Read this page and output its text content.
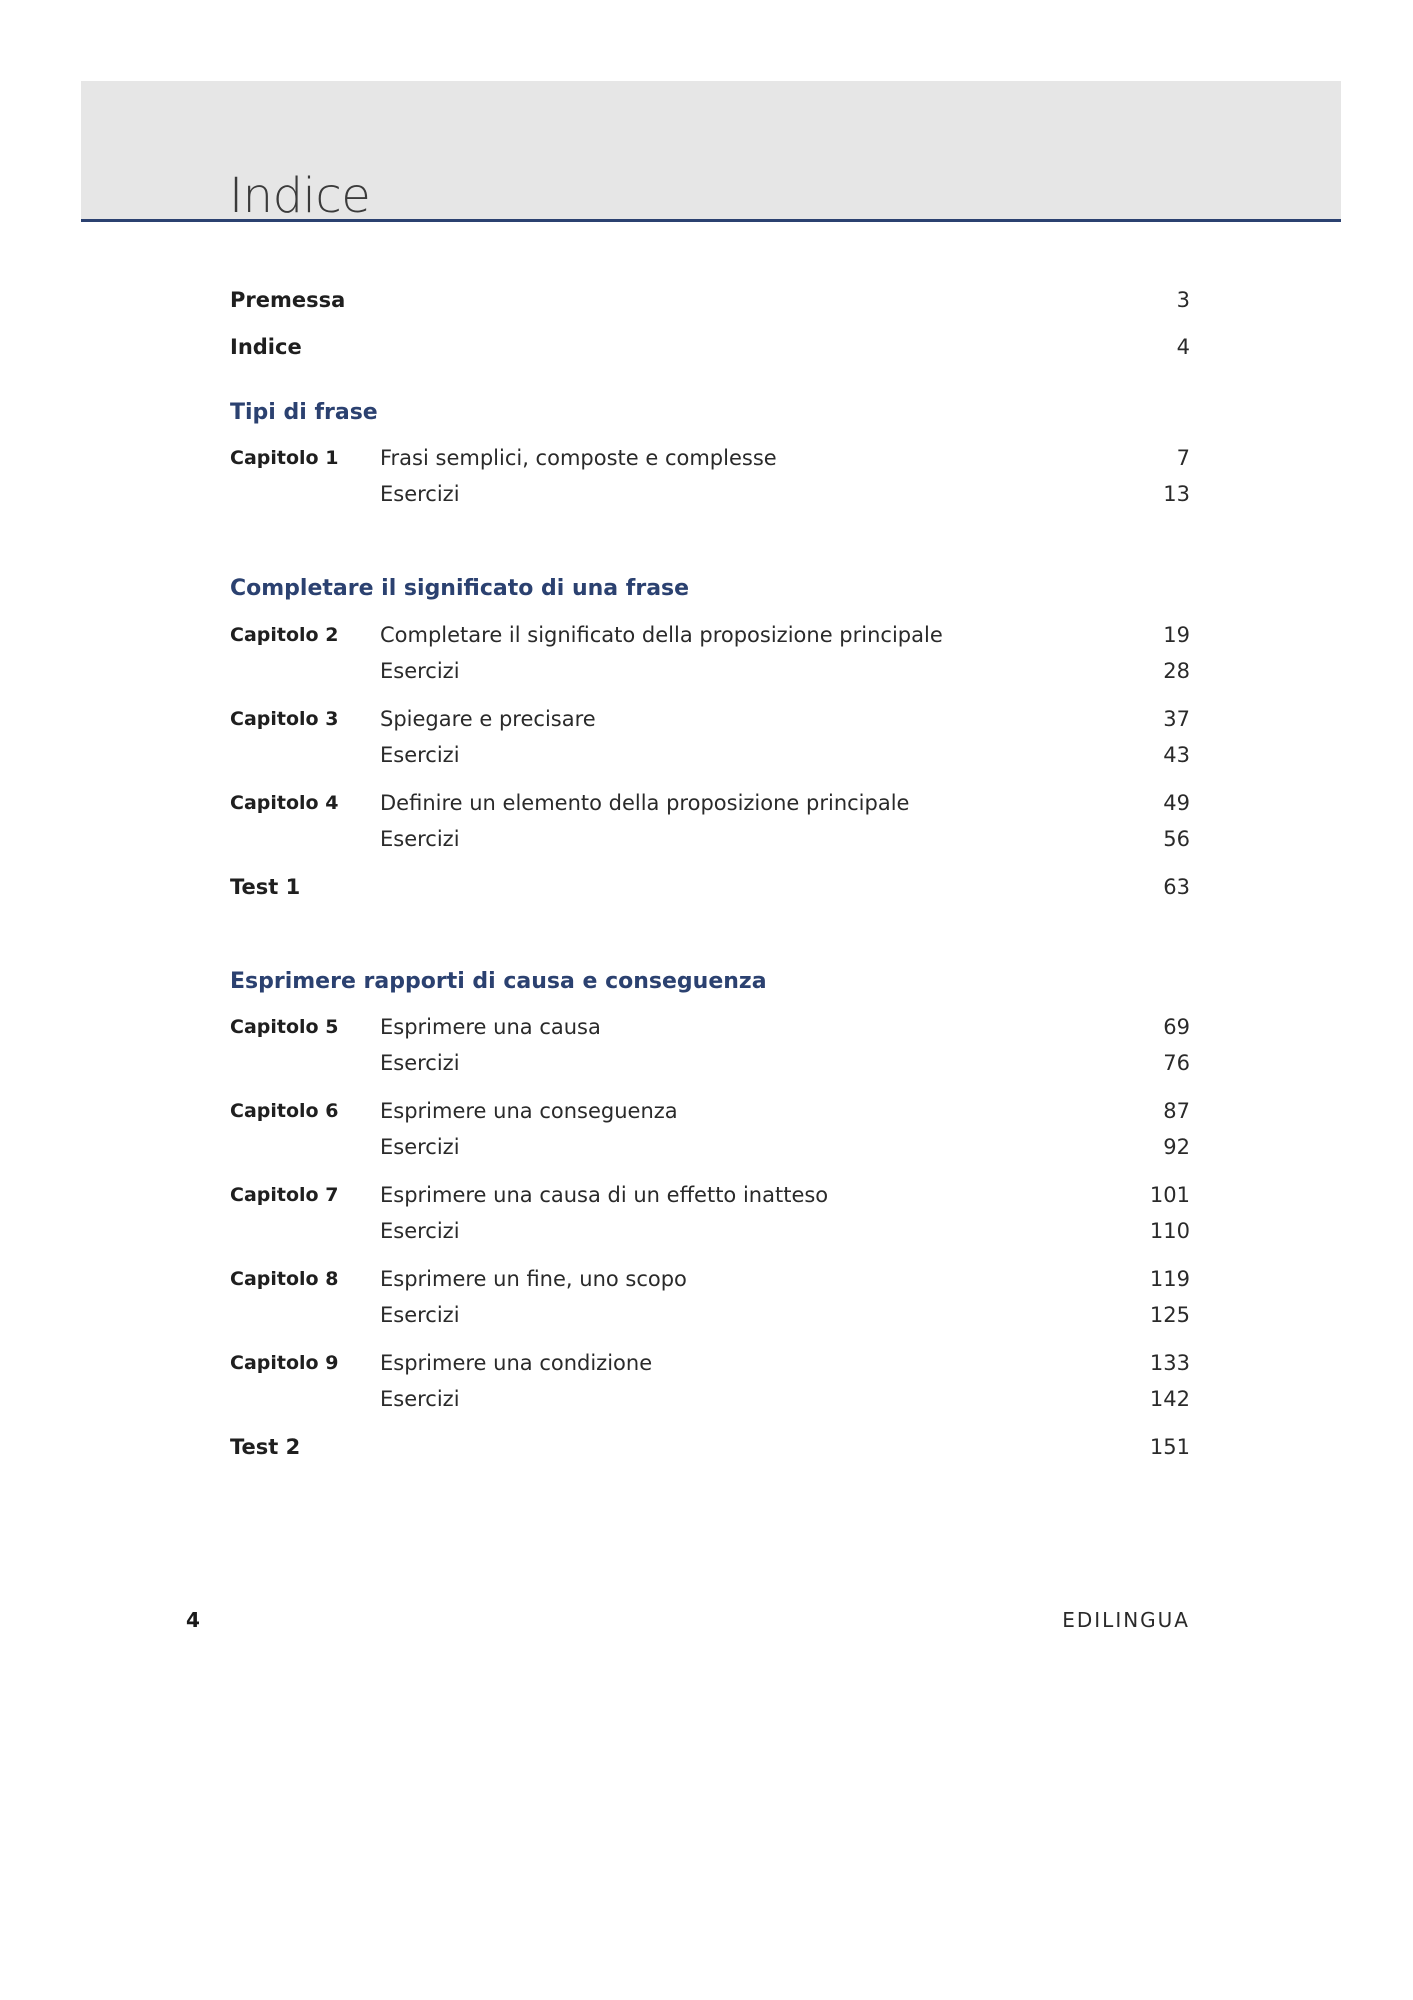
Indice
Premessa	3
Indice	4
Tipi di frase
Capitolo 1	Frasi semplici, composte e complesse	7
Esercizi	13
Completare il significato di una frase
Capitolo 2	Completare il significato della proposizione principale	19
Esercizi	28
Capitolo 3	Spiegare e precisare	37
Esercizi	43
Capitolo 4	Definire un elemento della proposizione principale	49
Esercizi	56
Test 1	63
Esprimere rapporti di causa e conseguenza
Capitolo 5	Esprimere una causa	69
Esercizi	76
Capitolo 6	Esprimere una conseguenza	87
Esercizi	92
Capitolo 7	Esprimere una causa di un effetto inatteso	101
Esercizi	110
Capitolo 8	Esprimere un fine, uno scopo	119
Esercizi	125
Capitolo 9	Esprimere una condizione	133
Esercizi	142
Test 2	151
4	EDILINGUA
